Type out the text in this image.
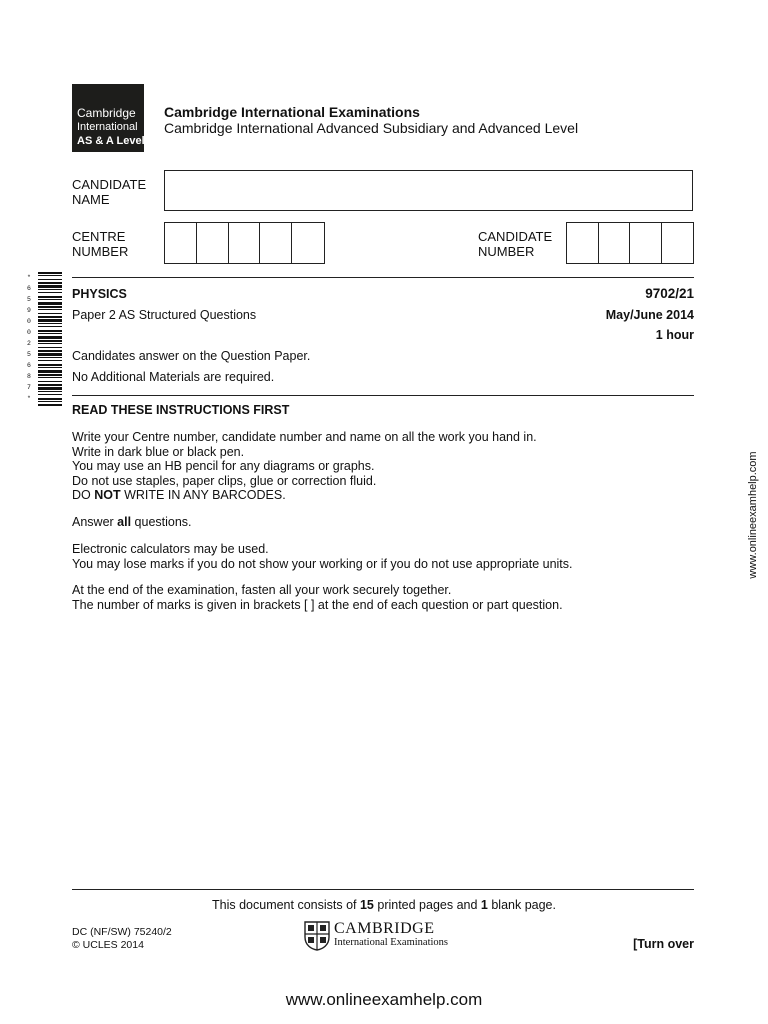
Cambridge
International
AS & A Level
Cambridge International Examinations
Cambridge International Advanced Subsidiary and Advanced Level
CANDIDATE
NAME
CENTRE
NUMBER
CANDIDATE
NUMBER
*
6
5
9
0
0
2
5
6
8
7
*
PHYSICS	9702/21
Paper 2 AS Structured Questions	May/June 2014
1 hour
Candidates answer on the Question Paper.
No Additional Materials are required.
READ THESE INSTRUCTIONS FIRST
Write your Centre number, candidate number and name on all the work you hand in.
Write in dark blue or black pen.
You may use an HB pencil for any diagrams or graphs.
Do not use staples, paper clips, glue or correction fluid.
DO NOT WRITE IN ANY BARCODES.
Answer all questions.
Electronic calculators may be used.
You may lose marks if you do not show your working or if you do not use appropriate units.
At the end of the examination, fasten all your work securely together.
The number of marks is given in brackets [ ] at the end of each question or part question.
www.onlineexamhelp.com
This document consists of 15 printed pages and 1 blank page.
DC (NF/SW) 75240/2
© UCLES 2014
CAMBRIDGE
International Examinations	[Turn over
www.onlineexamhelp.com
